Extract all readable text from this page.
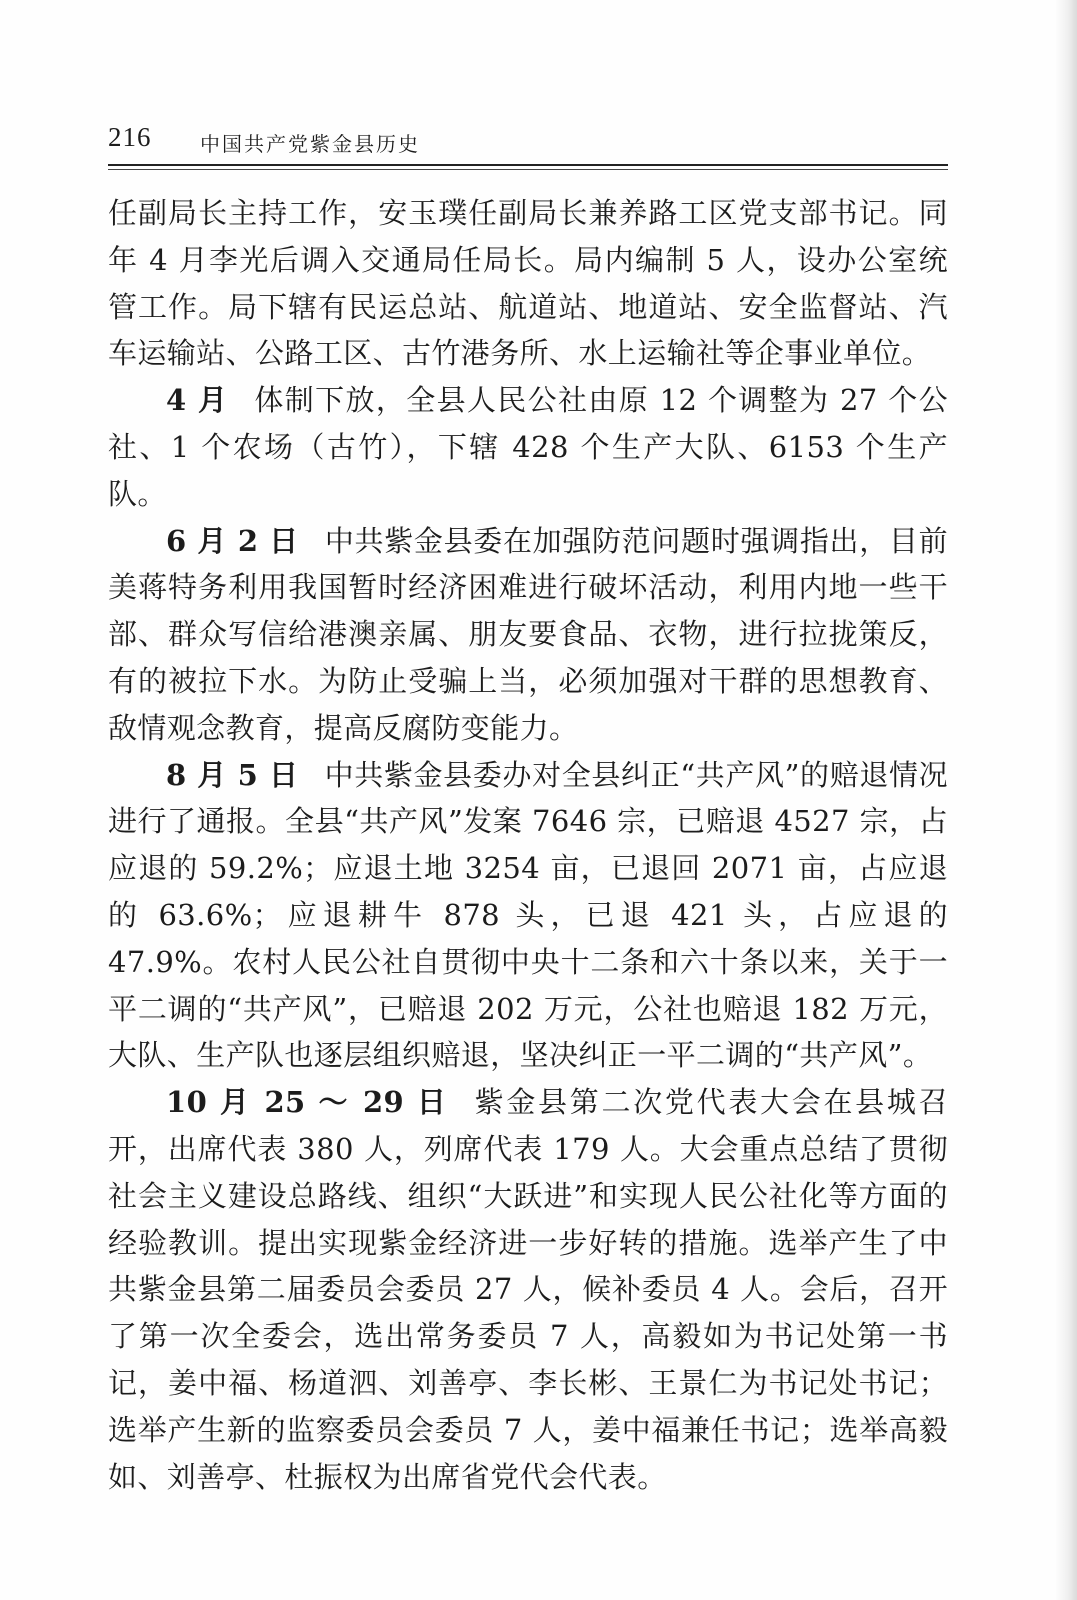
216 中国共产党紫金县历史

任副局长主持工作，安玉璞任副局长兼养路工区党支部书记。同年 4 月李光后调入交通局任局长。局内编制 5 人，设办公室统管工作。局下辖有民运总站、航道站、地道站、安全监督站、汽车运输站、公路工区、古竹港务所、水上运输社等企事业单位。

4 月 体制下放，全县人民公社由原 12 个调整为 27 个公社、1 个农场（古竹），下辖 428 个生产大队、6153 个生产队。

6 月 2 日 中共紫金县委在加强防范问题时强调指出，目前美蒋特务利用我国暂时经济困难进行破坏活动，利用内地一些干部、群众写信给港澳亲属、朋友要食品、衣物，进行拉拢策反，有的被拉下水。为防止受骗上当，必须加强对干群的思想教育、敌情观念教育，提高反腐防变能力。

8 月 5 日 中共紫金县委办对全县纠正“共产风”的赔退情况进行了通报。全县“共产风”发案 7646 宗，已赔退 4527 宗，占应退的 59.2%；应退土地 3254 亩，已退回 2071 亩，占应退的 63.6%；应退耕牛 878 头，已退 421 头，占应退的 47.9%。农村人民公社自贯彻中央十二条和六十条以来，关于一平二调的“共产风”，已赔退 202 万元，公社也赔退 182 万元，大队、生产队也逐层组织赔退，坚决纠正一平二调的“共产风”。

10 月 25 ～ 29 日 紫金县第二次党代表大会在县城召开，出席代表 380 人，列席代表 179 人。大会重点总结了贯彻社会主义建设总路线、组织“大跃进”和实现人民公社化等方面的经验教训。提出实现紫金经济进一步好转的措施。选举产生了中共紫金县第二届委员会委员 27 人，候补委员 4 人。会后，召开了第一次全委会，选出常务委员 7 人，高毅如为书记处第一书记，姜中福、杨道泗、刘善亭、李长彬、王景仁为书记处书记；选举产生新的监察委员会委员 7 人，姜中福兼任书记；选举高毅如、刘善亭、杜振权为出席省党代会代表。
